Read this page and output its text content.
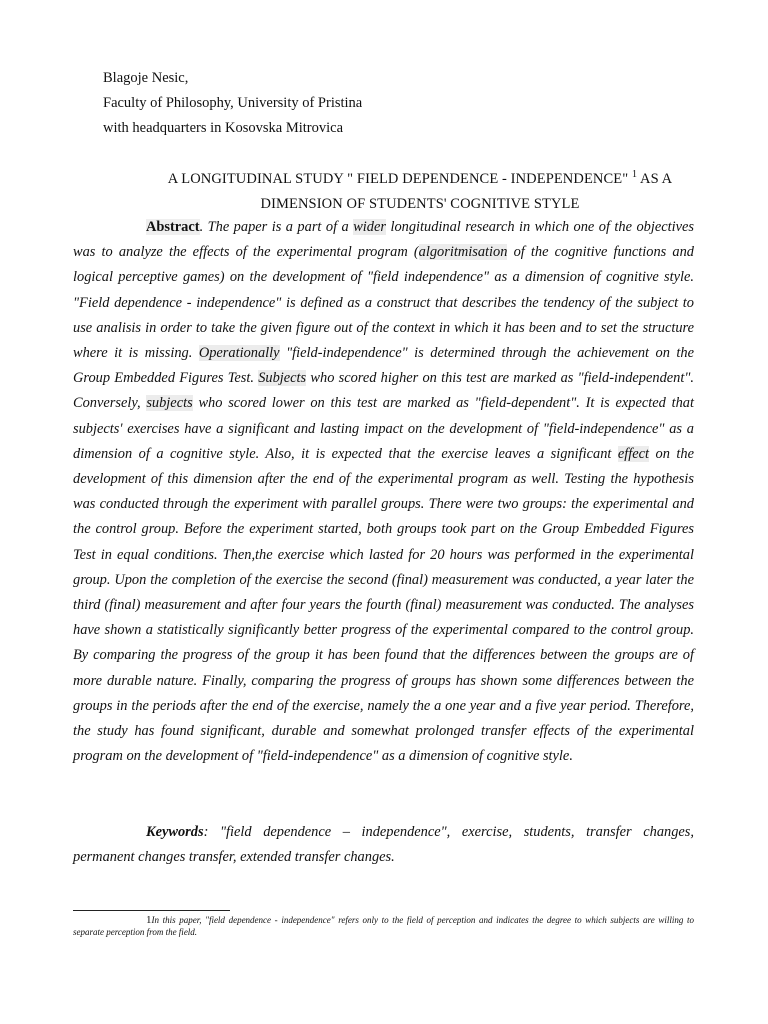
Blagoje Nesic,
Faculty of Philosophy, University of Pristina
with headquarters in Kosovska Mitrovica
A LONGITUDINAL STUDY " FIELD DEPENDENCE - INDEPENDENCE" $^1$ AS A
DIMENSION OF STUDENTS' COGNITIVE STYLE
Abstract. The paper is a part of a wider longitudinal research in which one of the objectives was to analyze the effects of the experimental program (algoritmisation of the cognitive functions and logical perceptive games) on the development of "field independence" as a dimension of cognitive style. "Field dependence - independence" is defined as a construct that describes the tendency of the subject to use analisis in order to take the given figure out of the context in which it has been and to set the structure where it is missing. Operationally "field-independence" is determined through the achievement on the Group Embedded Figures Test. Subjects who scored higher on this test are marked as "field-independent". Conversely, subjects who scored lower on this test are marked as "field-dependent". It is expected that subjects' exercises have a significant and lasting impact on the development of "field-independence" as a dimension of a cognitive style. Also, it is expected that the exercise leaves a significant effect on the development of this dimension after the end of the experimental program as well. Testing the hypothesis was conducted through the experiment with parallel groups. There were two groups: the experimental and the control group. Before the experiment started, both groups took part on the Group Embedded Figures Test in equal conditions. Then,the exercise which lasted for 20 hours was performed in the experimental group. Upon the completion of the exercise the second (final) measurement was conducted, a year later the third (final) measurement and after four years the fourth (final) measurement was conducted. The analyses have shown a statistically significantly better progress of the experimental compared to the control group. By comparing the progress of the group it has been found that the differences between the groups are of more durable nature. Finally, comparing the progress of groups has shown some differences between the groups in the periods after the end of the exercise, namely the a one year and a five year period. Therefore, the study has found significant, durable and somewhat prolonged transfer effects of the experimental program on the development of "field-independence" as a dimension of cognitive style.
Keywords: "field dependence – independence", exercise, students, transfer changes, permanent changes transfer, extended transfer changes.
1In this paper, "field dependence - independence" refers only to the field of perception and indicates the degree to which subjects are willing to separate perception from the field.
